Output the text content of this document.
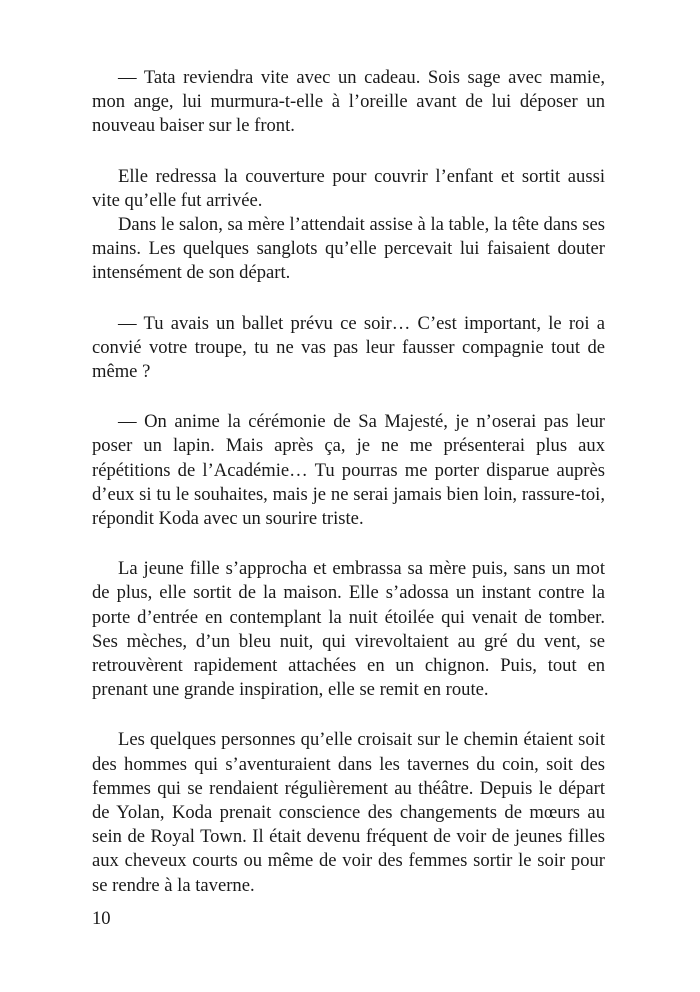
— Tata reviendra vite avec un cadeau. Sois sage avec mamie, mon ange, lui murmura-t-elle à l’oreille avant de lui déposer un nouveau baiser sur le front.

Elle redressa la couverture pour couvrir l’enfant et sortit aussi vite qu’elle fut arrivée.

Dans le salon, sa mère l’attendait assise à la table, la tête dans ses mains. Les quelques sanglots qu’elle percevait lui faisaient douter intensément de son départ.

— Tu avais un ballet prévu ce soir… C’est important, le roi a convié votre troupe, tu ne vas pas leur fausser compagnie tout de même ?

— On anime la cérémonie de Sa Majesté, je n’oserai pas leur poser un lapin. Mais après ça, je ne me présenterai plus aux répétitions de l’Académie… Tu pourras me porter disparue auprès d’eux si tu le souhaites, mais je ne serai jamais bien loin, rassure-toi, répondit Koda avec un sourire triste.

La jeune fille s’approcha et embrassa sa mère puis, sans un mot de plus, elle sortit de la maison. Elle s’adossa un instant contre la porte d’entrée en contemplant la nuit étoilée qui venait de tomber. Ses mèches, d’un bleu nuit, qui virevoltaient au gré du vent, se retrouvèrent rapidement attachées en un chignon. Puis, tout en prenant une grande inspiration, elle se remit en route.

Les quelques personnes qu’elle croisait sur le chemin étaient soit des hommes qui s’aventuraient dans les tavernes du coin, soit des femmes qui se rendaient régulièrement au théâtre. Depuis le départ de Yolan, Koda prenait conscience des changements de mœurs au sein de Royal Town. Il était devenu fréquent de voir de jeunes filles aux cheveux courts ou même de voir des femmes sortir le soir pour se rendre à la taverne.

10
